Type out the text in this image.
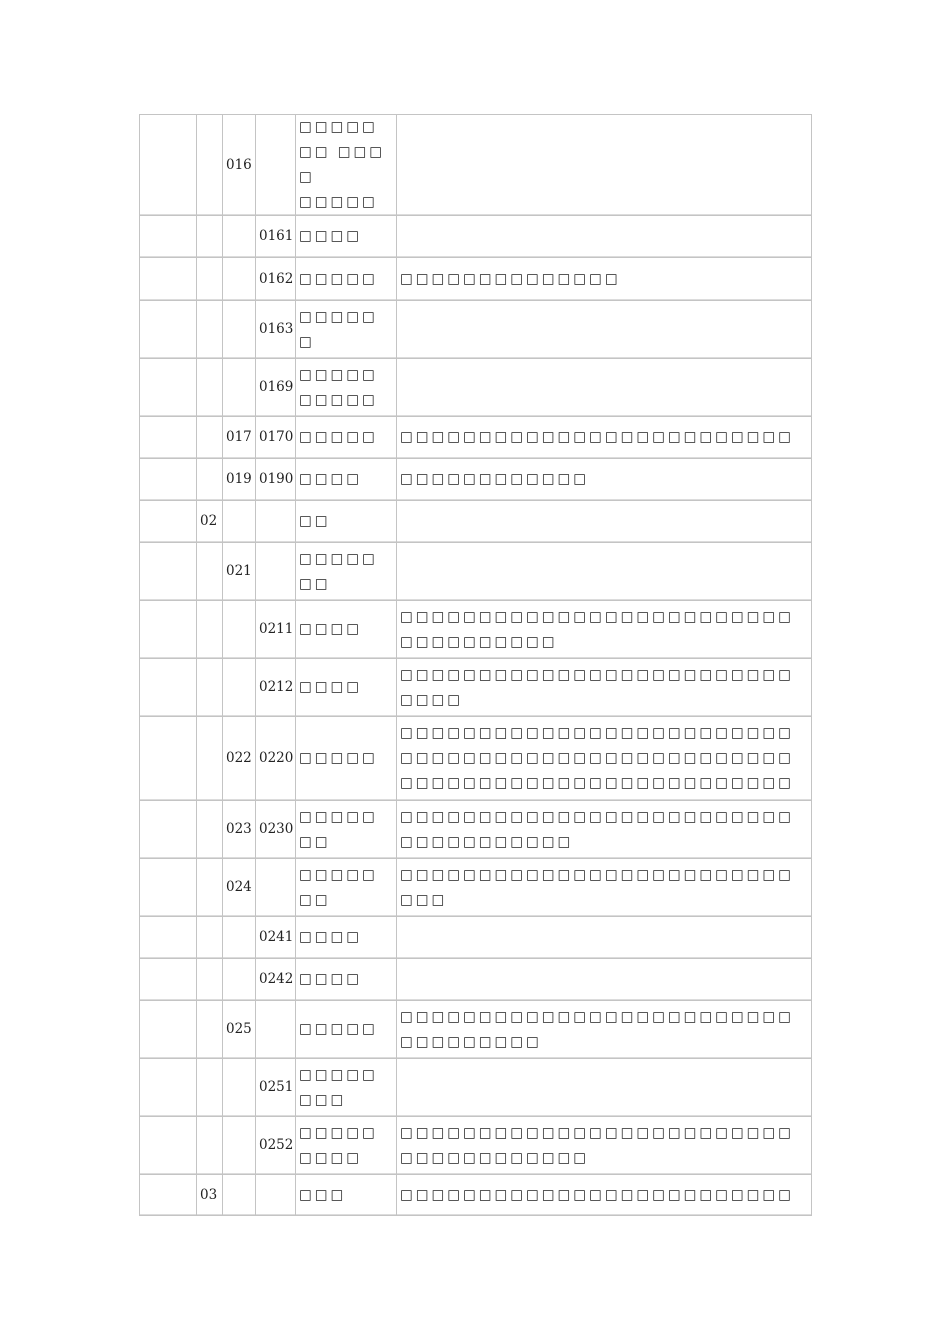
		016		□□□□□
□□ □□□□
□□□□□	
			0161	□□□□	
			0162	□□□□□	□□□□□□□□□□□□□□
			0163	□□□□□
□	
			0169	□□□□□
□□□□□	
		017	0170	□□□□□	□□□□□□□□□□□□□□□□□□□□□□□□□
		019	0190	□□□□	□□□□□□□□□□□□
	02			□□	
		021		□□□□□
□□	
			0211	□□□□	□□□□□□□□□□□□□□□□□□□□□□□□□
□□□□□□□□□□
			0212	□□□□	□□□□□□□□□□□□□□□□□□□□□□□□□
□□□□
		022	0220	□□□□□	□□□□□□□□□□□□□□□□□□□□□□□□□
□□□□□□□□□□□□□□□□□□□□□□□□□
□□□□□□□□□□□□□□□□□□□□□□□□□
		023	0230	□□□□□
□□	□□□□□□□□□□□□□□□□□□□□□□□□□
□□□□□□□□□□□
		024		□□□□□
□□	□□□□□□□□□□□□□□□□□□□□□□□□□
□□□
			0241	□□□□	
			0242	□□□□	
		025		□□□□□	□□□□□□□□□□□□□□□□□□□□□□□□□
□□□□□□□□□
			0251	□□□□□
□□□	
			0252	□□□□□
□□□□	□□□□□□□□□□□□□□□□□□□□□□□□□
□□□□□□□□□□□□
	03			□□□	□□□□□□□□□□□□□□□□□□□□□□□□□
